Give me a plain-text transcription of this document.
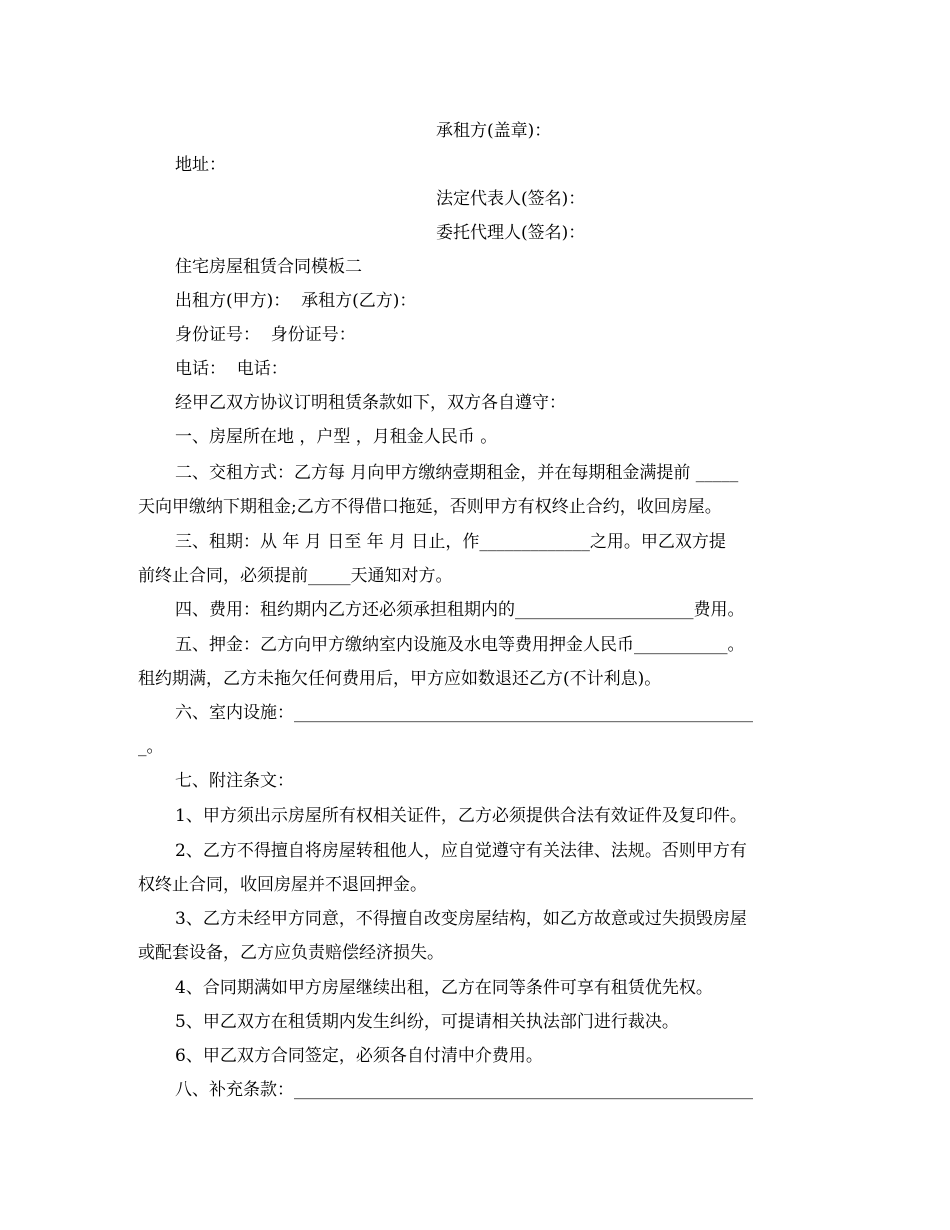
承租方(盖章)：

地址：

法定代表人(签名)：

委托代理人(签名)：

住宅房屋租赁合同模板二
出租方(甲方)：  承租方(乙方)：
身份证号：  身份证号：
电话：  电话：
经甲乙双方协议订明租赁条款如下，双方各自遵守：
一、房屋所在地 ，户型 ，月租金人民币 。
二、交租方式：乙方每 月向甲方缴纳壹期租金，并在每期租金满提前 _____
天向甲缴纳下期租金;乙方不得借口拖延，否则甲方有权终止合约，收回房屋。
三、租期：从 年 月 日至 年 月 日止，作_____________之用。甲乙双方提
前终止合同，必须提前_____天通知对方。
四、费用：租约期内乙方还必须承担租期内的_____________________费用。
五、押金：乙方向甲方缴纳室内设施及水电等费用押金人民币___________。
租约期满，乙方未拖欠任何费用后，甲方应如数退还乙方(不计利息)。
六、室内设施：______________________________________________________
_。
七、附注条文：
1、甲方须出示房屋所有权相关证件，乙方必须提供合法有效证件及复印件。
2、乙方不得擅自将房屋转租他人，应自觉遵守有关法律、法规。否则甲方有
权终止合同，收回房屋并不退回押金。
3、乙方未经甲方同意，不得擅自改变房屋结构，如乙方故意或过失损毁房屋
或配套设备，乙方应负责赔偿经济损失。
4、合同期满如甲方房屋继续出租，乙方在同等条件可享有租赁优先权。
5、甲乙双方在租赁期内发生纠纷，可提请相关执法部门进行裁决。
6、甲乙双方合同签定，必须各自付清中介费用。
八、补充条款：______________________________________________________
